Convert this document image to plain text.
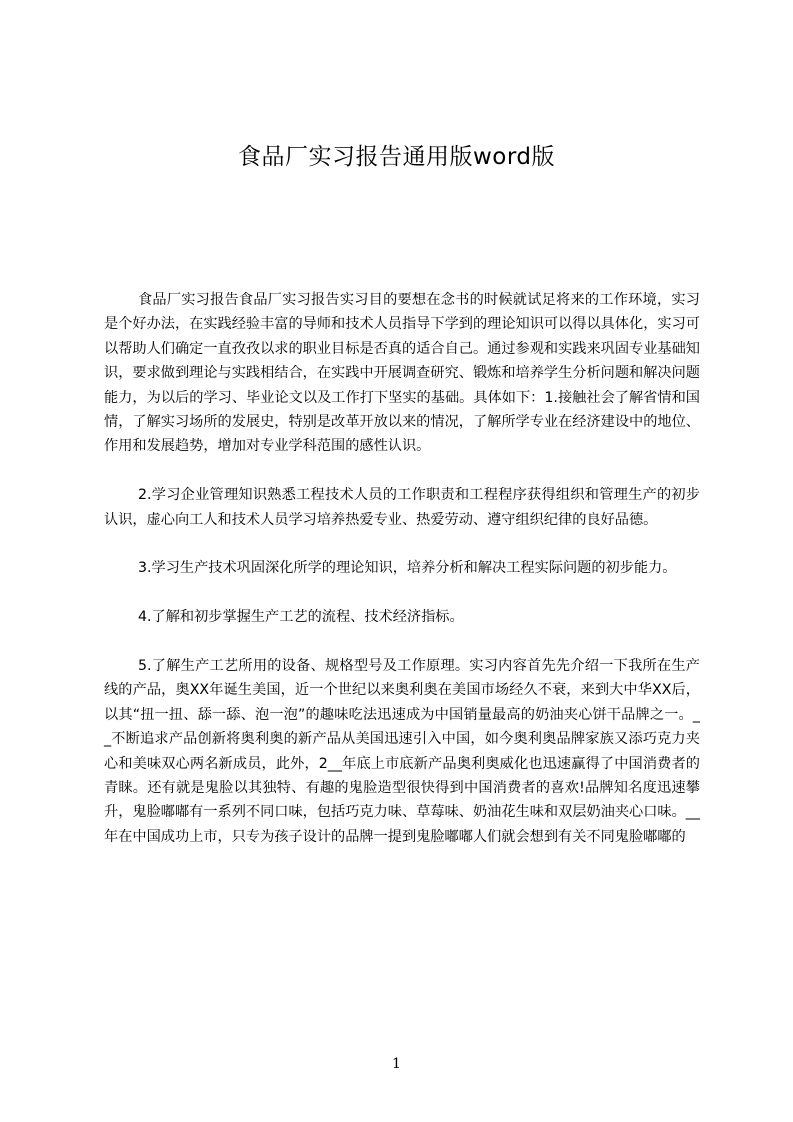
食品厂实习报告通用版word版

食品厂实习报告食品厂实习报告实习目的要想在念书的时候就试足将来的工作环境，实习是个好办法，在实践经验丰富的导师和技术人员指导下学到的理论知识可以得以具体化，实习可以帮助人们确定一直孜孜以求的职业目标是否真的适合自己。通过参观和实践来巩固专业基础知识，要求做到理论与实践相结合，在实践中开展调查研究、锻炼和培养学生分析问题和解决问题能力，为以后的学习、毕业论文以及工作打下坚实的基础。具体如下：1.接触社会了解省情和国情，了解实习场所的发展史，特别是改革开放以来的情况，了解所学专业在经济建设中的地位、作用和发展趋势，增加对专业学科范围的感性认识。

2.学习企业管理知识熟悉工程技术人员的工作职责和工程程序获得组织和管理生产的初步认识，虚心向工人和技术人员学习培养热爱专业、热爱劳动、遵守组织纪律的良好品德。

3.学习生产技术巩固深化所学的理论知识，培养分析和解决工程实际问题的初步能力。

4.了解和初步掌握生产工艺的流程、技术经济指标。

5.了解生产工艺所用的设备、规格型号及工作原理。实习内容首先先介绍一下我所在生产线的产品，奥XX年诞生美国，近一个世纪以来奥利奥在美国市场经久不衰，来到大中华XX后，以其“扭一扭、舔一舔、泡一泡”的趣味吃法迅速成为中国销量最高的奶油夹心饼干品牌之一。__不断追求产品创新将奥利奥的新产品从美国迅速引入中国，如今奥利奥品牌家族又添巧克力夹心和美味双心两名新成员，此外，2__年底上市底新产品奥利奥威化也迅速赢得了中国消费者的青睐。还有就是鬼脸以其独特、有趣的鬼脸造型很快得到中国消费者的喜欢!品牌知名度迅速攀升，鬼脸嘟嘟有一系列不同口味，包括巧克力味、草莓味、奶油花生味和双层奶油夹心口味。__年在中国成功上市，只专为孩子设计的品牌一提到鬼脸嘟嘟人们就会想到有关不同鬼脸嘟嘟的

1
